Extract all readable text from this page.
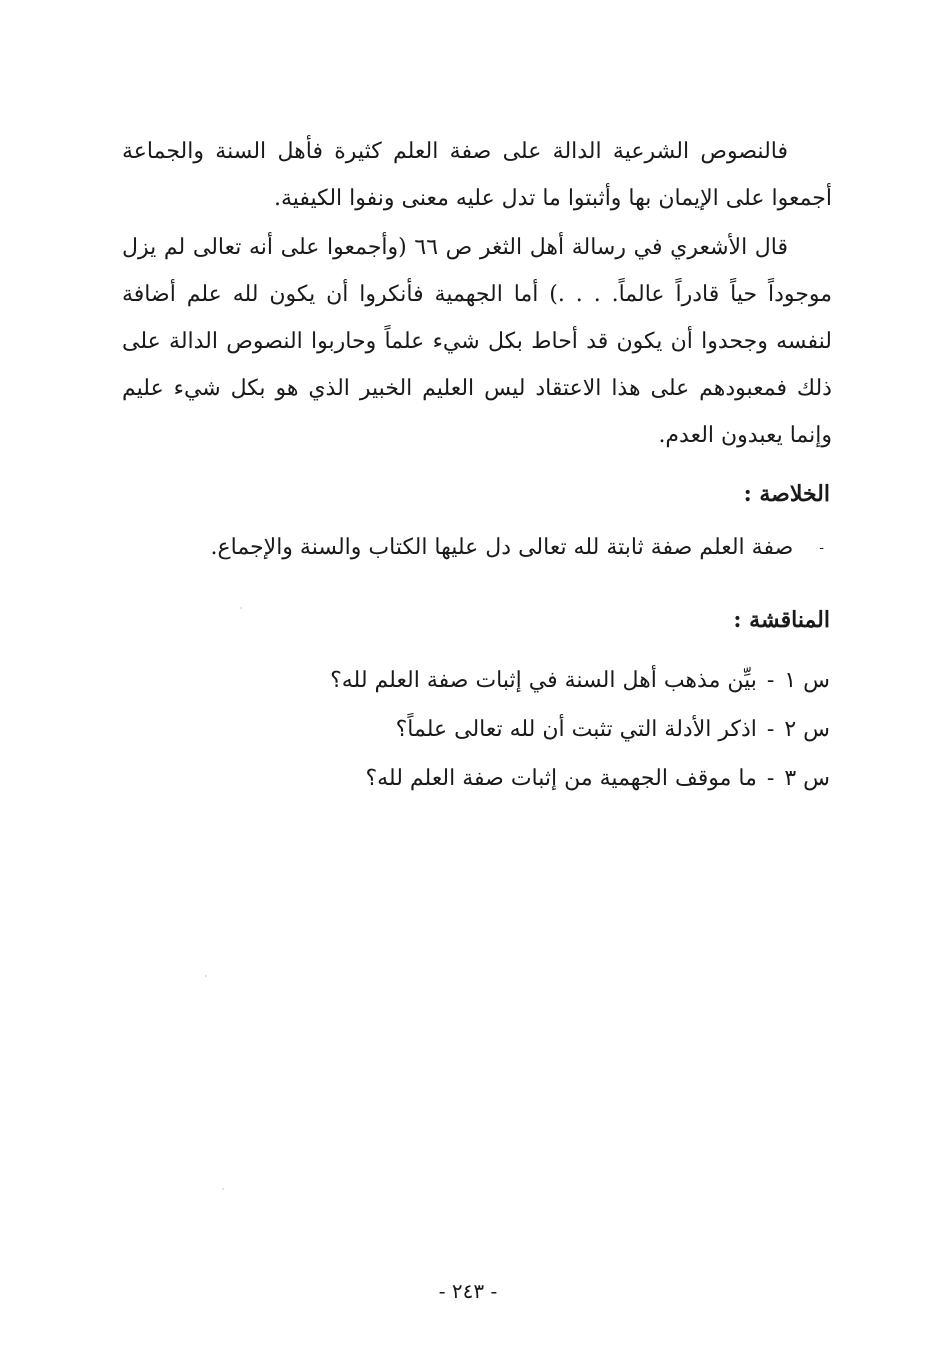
فالنصوص الشرعية الدالة على صفة العلم كثيرة فأهل السنة والجماعة أجمعوا على الإيمان بها وأثبتوا ما تدل عليه معنى ونفوا الكيفية.
قال الأشعري في رسالة أهل الثغر ص ٦٦ (وأجمعوا على أنه تعالى لم يزل موجوداً حياً قادراً عالماً. . . .) أما الجهمية فأنكروا أن يكون لله علم أضافة لنفسه وجحدوا أن يكون قد أحاط بكل شيء علماً وحاربوا النصوص الدالة على ذلك فمعبودهم على هذا الاعتقاد ليس العليم الخبير الذي هو بكل شيء عليم وإنما يعبدون العدم.
الخلاصة :
-صفة العلم صفة ثابتة لله تعالى دل عليها الكتاب والسنة والإجماع.
المناقشة :
س ١-بيِّن مذهب أهل السنة في إثبات صفة العلم لله؟
س ٢-اذكر الأدلة التي تثبت أن لله تعالى علماً؟
س ٣-ما موقف الجهمية من إثبات صفة العلم لله؟
- ٢٤٣ -
